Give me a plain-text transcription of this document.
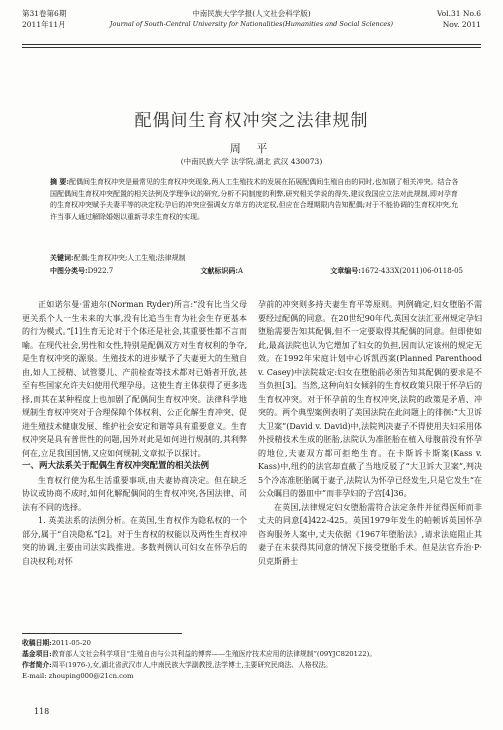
第31卷第6期
2011年11月
中南民族大学学报(人文社会科学版)
Journal of South-Central University for Nationalities(Humanities and Social Sciences)
Vol.31 No.6
Nov. 2011
配偶间生育权冲突之法律规制
周 平
(中南民族大学 法学院,湖北 武汉 430073)
摘 要:配偶间生育权冲突是最常见的生育权冲突现象,两人工生殖技术的发展在拓展配偶间生殖自由的同时,也加剧了相关冲突。结合各国配偶间生育权冲突配置的相关法例及学理争议的研究,分析不同制度的利弊,研究相关学说的得失,建议我国应立法对此规制,即对孕育的生育权冲突赋予夫妻平等的决定权;孕后的冲突应强调女方单方的决定权,但应在合理期限内告知配偶;对于不能协调的生育权冲突,允许当事人通过解除婚姻以重新寻求生育权的实现。
关键词:配偶;生育权冲突;人工生殖;法律规制
中图分类号:D922.7	文献标识码:A	文章编号:1672-433X(2011)06-0118-05

正如诺尔曼·雷迪尔(Norman Ryder)所言:“没有比当父母更关系个人一生未来的大事,没有比追当生育为社会生存更基本的行为模式。”[1]生育无论对于个体还是社会,其重要性都不言而喻。在现代社会,男性和女性,特别是配偶双方对生育权利的争夺,是生育权冲突的源泉。生殖技术的进步赋予了夫妻更大的生殖自由,如人工授精、试管婴儿、产前检查等技术都对已婚者开放,甚至有些国家允许夫妇使用代理孕母。这使生育主体获得了更多选择,而其在某种程度上也加剧了配偶间生育权冲突。法律科学地规制生育权冲突对于合理保障个体权利、公正化解生育冲突、促进生殖技术健康发展、维护社会安定和谐等具有重要意义。生育权冲突是具有普世性的问题,国外对此是如何进行规制的,其利弊何在,立足我国国情,又应如何规制,文章拟予以探讨。

一、两大法系关于配偶生育权冲突配置的相关法例

生育权行使为私生活重要事项,由夫妻协商决定。但在缺乏协议或协商不成时,如何化解配偶间的生育权冲突,各国法律、司法有不同的选择。

1. 英美法系的法例分析。在英国,生育权作为隐私权的一个部分,属于“自决隐私”[2]。对于生育权的权能以及两性生育权冲突的协调,主要由司法实践推进。多数判例认可妇女在怀孕后的自决权利;对怀

孕前的冲突则多持夫妻生育平等原则。判例确定,妇女堕胎不需要经过配偶的同意。在20世纪90年代,英国女法汇亚州规定孕妇堕胎需要告知其配偶,但不一定要取得其配偶的同意。但即使如此,最高法院也认为它增加了妇女的负担,因而认定该州的规定无效。在1992年宋庭计划中心诉凯西案(Planned Parenthood v. Casey)中法院裁定:妇女在堕胎前必须告知其配偶的要求是不当负担[3]。当然,这种向妇女倾斜的生育权政策只限于怀孕后的生育权冲突。对于怀孕前的生育权冲突,法院的政策是矛盾、冲突的。两个典型案例表明了美国法院在此问题上的徘徊:“大卫诉大卫案”(David v. David)中,法院判决妻子不得使用夫妇采用体外授精技术生成的胚胎,法院认为准胚胎在植入母腹前没有怀孕的地位,夫妻双方都可拒绝生育。在卡斯诉卡斯案(Kass v. Kass)中,纽约的法官却直截了当地反驳了“大卫诉大卫案”,判决5个冷冻准胚胎属于妻子,法院认为怀孕已经发生,只是它发生“在公众瞩目的器皿中”而非孕妇的子宫[4]36。

在英国,法律规定妇女堕胎需符合法定条件并征得医师而非丈夫的同意[4]422-425。英国1979年发生的帕顿诉英国怀孕咨询服务人案中,丈夫依据《1967年堕胎法》,请求法庭阻止其妻子在未获得其同意的情况下接受堕胎手术。但是法官乔治·P·贝克斯爵士

收稿日期:2011-05-20
基金项目:教育部人文社会科学项目“生殖自由与公共利益的博弈——生殖医疗技术应用的法律规制”(09YJC820122)。
作者简介:周平(1976-),女,湖北省武汉市人,中南民族大学副教授,法学博士,主要研究民商法、人格权法。
E-mail: zhouping000@21cn.com
118
